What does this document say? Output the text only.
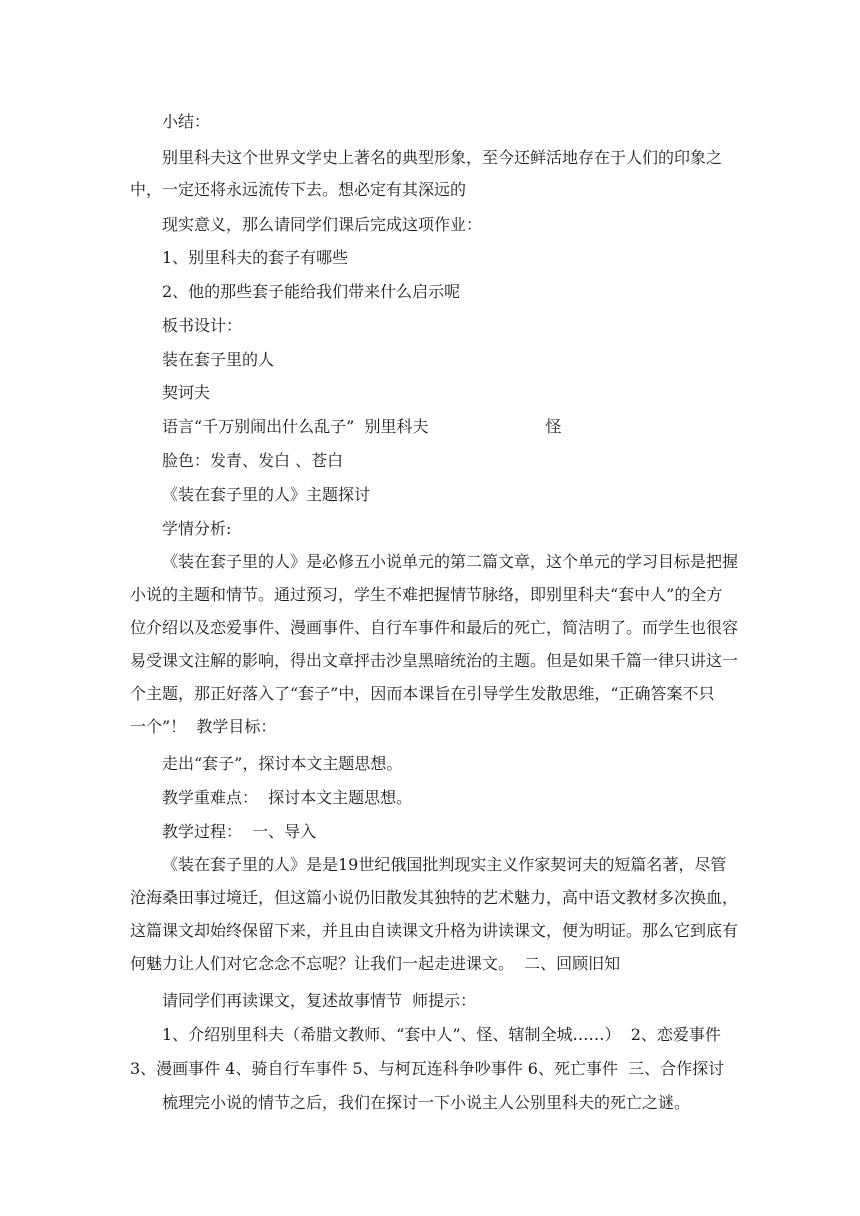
小结：
别里科夫这个世界文学史上著名的典型形象，至今还鲜活地存在于人们的印象之
中，一定还将永远流传下去。想必定有其深远的
现实意义，那么请同学们课后完成这项作业：
1、别里科夫的套子有哪些
2、他的那些套子能给我们带来什么启示呢
板书设计：
装在套子里的人
契诃夫
语言“千万别闹出什么乱子”  别里科夫                       怪
脸色：发青、发白 、苍白
《装在套子里的人》主题探讨
学情分析:
《装在套子里的人》是必修五小说单元的第二篇文章，这个单元的学习目标是把握
小说的主题和情节。通过预习，学生不难把握情节脉络，即别里科夫“套中人”的全方
位介绍以及恋爱事件、漫画事件、自行车事件和最后的死亡，简洁明了。而学生也很容
易受课文注解的影响，得出文章抨击沙皇黑暗统治的主题。但是如果千篇一律只讲这一
个主题，那正好落入了“套子”中，因而本课旨在引导学生发散思维，“正确答案不只
一个”！  教学目标：
走出“套子”，探讨本文主题思想。
教学重难点：  探讨本文主题思想。
教学过程：  一、导入
《装在套子里的人》是是19世纪俄国批判现实主义作家契诃夫的短篇名著，尽管
沧海桑田事过境迁，但这篇小说仍旧散发其独特的艺术魅力，高中语文教材多次换血，
这篇课文却始终保留下来，并且由自读课文升格为讲读课文，便为明证。那么它到底有
何魅力让人们对它念念不忘呢？让我们一起走进课文。  二、回顾旧知
请同学们再读课文，复述故事情节  师提示：
1、介绍别里科夫（希腊文教师、“套中人”、怪、辖制全城……）  2、恋爱事件
3、漫画事件 4、骑自行车事件 5、与柯瓦连科争吵事件 6、死亡事件  三、合作探讨
梳理完小说的情节之后，我们在探讨一下小说主人公别里科夫的死亡之谜。
